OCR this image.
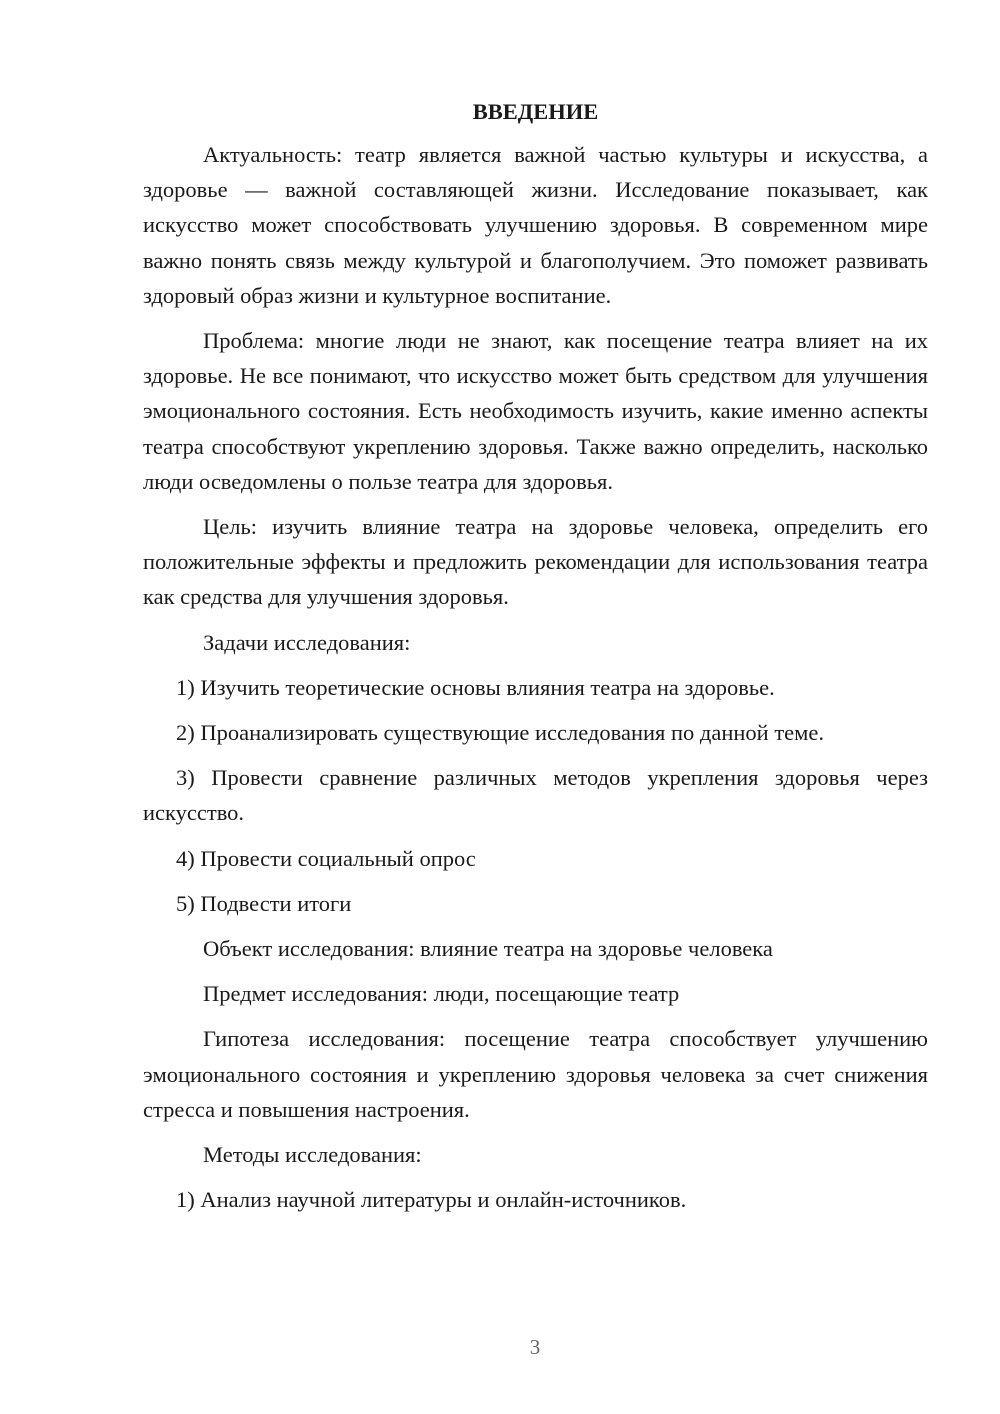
ВВЕДЕНИЕ

Актуальность: театр является важной частью культуры и искусства, а здоровье — важной составляющей жизни. Исследование показывает, как искусство может способствовать улучшению здоровья. В современном мире важно понять связь между культурой и благополучием. Это поможет развивать здоровый образ жизни и культурное воспитание.

Проблема: многие люди не знают, как посещение театра влияет на их здоровье. Не все понимают, что искусство может быть средством для улучшения эмоционального состояния. Есть необходимость изучить, какие именно аспекты театра способствуют укреплению здоровья. Также важно определить, насколько люди осведомлены о пользе театра для здоровья.

Цель: изучить влияние театра на здоровье человека, определить его положительные эффекты и предложить рекомендации для использования театра как средства для улучшения здоровья.

Задачи исследования:

1) Изучить теоретические основы влияния театра на здоровье.

2) Проанализировать существующие исследования по данной теме.

3) Провести сравнение различных методов укрепления здоровья через искусство.

4) Провести социальный опрос

5) Подвести итоги

Объект исследования: влияние театра на здоровье человека

Предмет исследования: люди, посещающие театр

Гипотеза исследования: посещение театра способствует улучшению эмоционального состояния и укреплению здоровья человека за счет снижения стресса и повышения настроения.

Методы исследования:

1) Анализ научной литературы и онлайн-источников.

3
